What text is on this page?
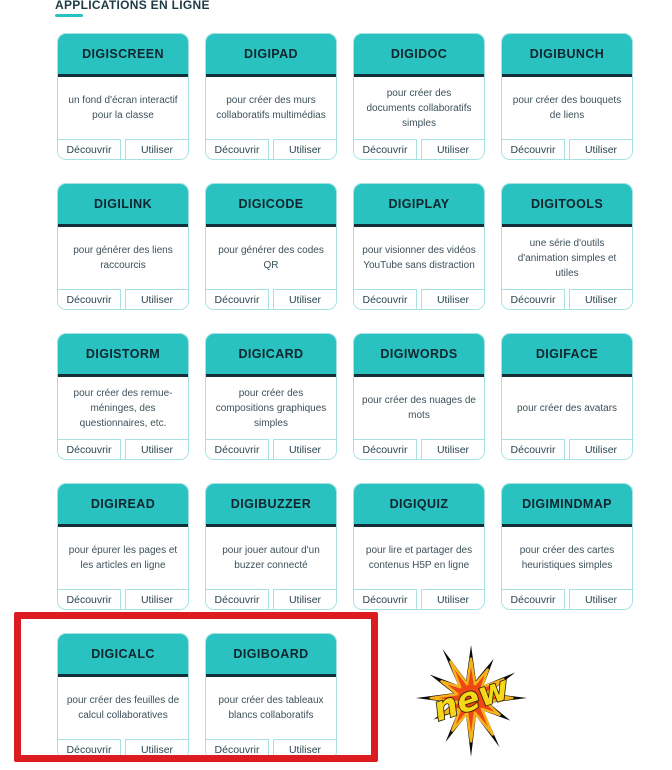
APPLICATIONS EN LIGNE
DIGISCREEN

un fond d'écran interactif pour la classe

Découvrir	Utiliser
DIGIPAD

pour créer des murs collaboratifs multimédias

Découvrir	Utiliser
DIGIDOC

pour créer des documents collaboratifs simples

Découvrir	Utiliser
DIGIBUNCH

pour créer des bouquets de liens

Découvrir	Utiliser
DIGILINK

pour générer des liens raccourcis

Découvrir	Utiliser
DIGICODE

pour générer des codes QR

Découvrir	Utiliser
DIGIPLAY

pour visionner des vidéos YouTube sans distraction

Découvrir	Utiliser
DIGITOOLS

une série d'outils d'animation simples et utiles

Découvrir	Utiliser
DIGISTORM

pour créer des remue-méninges, des questionnaires, etc.

Découvrir	Utiliser
DIGICARD

pour créer des compositions graphiques simples

Découvrir	Utiliser
DIGIWORDS

pour créer des nuages de mots

Découvrir	Utiliser
DIGIFACE

pour créer des avatars

Découvrir	Utiliser
DIGIREAD

pour épurer les pages et les articles en ligne

Découvrir	Utiliser
DIGIBUZZER

pour jouer autour d'un buzzer connecté

Découvrir	Utiliser
DIGIQUIZ

pour lire et partager des contenus H5P en ligne

Découvrir	Utiliser
DIGIMINDMAP

pour créer des cartes heuristiques simples

Découvrir	Utiliser
DIGICALC

pour créer des feuilles de calcul collaboratives

Découvrir	Utiliser
DIGIBOARD

pour créer des tableaux blancs collaboratifs

Découvrir	Utiliser
new
